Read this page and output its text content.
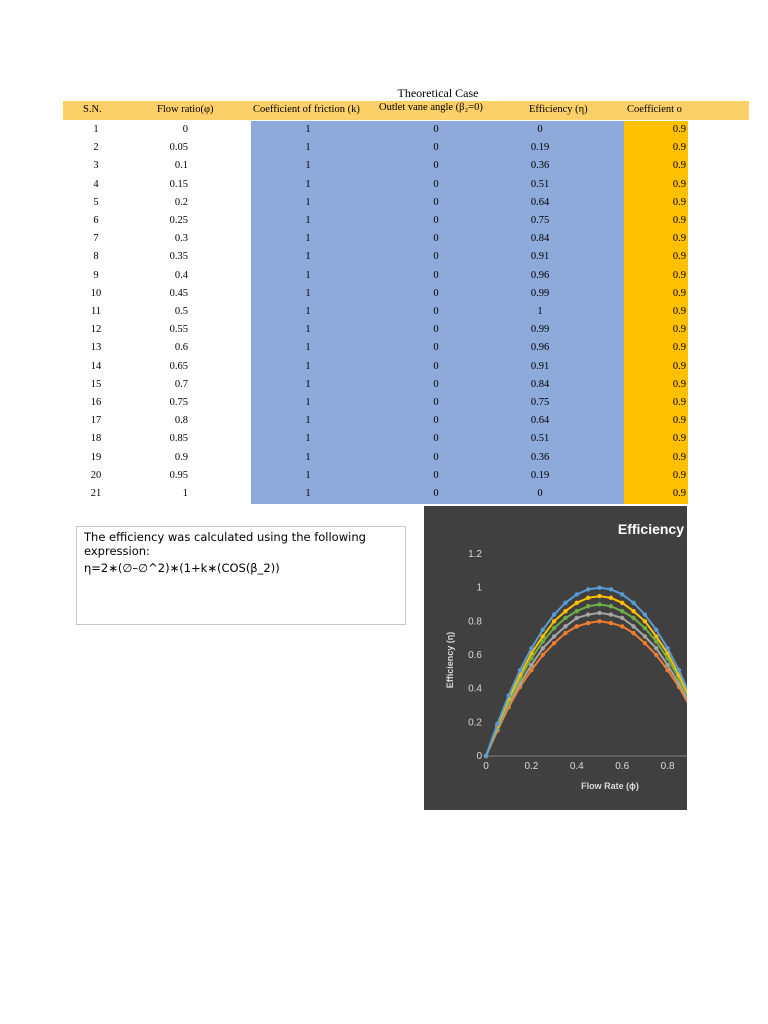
Theoretical Case
S.N.	Flow ratio(φ)	Coefficient of friction (k) Outlet vane angle (β₂=0)	Efficiency (η)	Coefficient o
1	0	1	0	0	0.9
2	0.05	1	0	0.19	0.9
3	0.1	1	0	0.36	0.9
4	0.15	1	0	0.51	0.9
5	0.2	1	0	0.64	0.9
6	0.25	1	0	0.75	0.9
7	0.3	1	0	0.84	0.9
8	0.35	1	0	0.91	0.9
9	0.4	1	0	0.96	0.9
10	0.45	1	0	0.99	0.9
11	0.5	1	0	1	0.9
12	0.55	1	0	0.99	0.9
13	0.6	1	0	0.96	0.9
14	0.65	1	0	0.91	0.9
15	0.7	1	0	0.84	0.9
16	0.75	1	0	0.75	0.9
17	0.8	1	0	0.64	0.9
18	0.85	1	0	0.51	0.9
19	0.9	1	0	0.36	0.9
20	0.95	1	0	0.19	0.9
21	1	1	0	0	0.9
The efficiency was calculated using the following expression:
η=2∗(∅–∅^2)∗(1+k∗(COS(β_2))
Efficiency
Flow Rate (ϕ)
Efficiency (η)
0
0.2
0.4
0.6
0.8
1
1.2
0	0.2	0.4	0.6	0.8
